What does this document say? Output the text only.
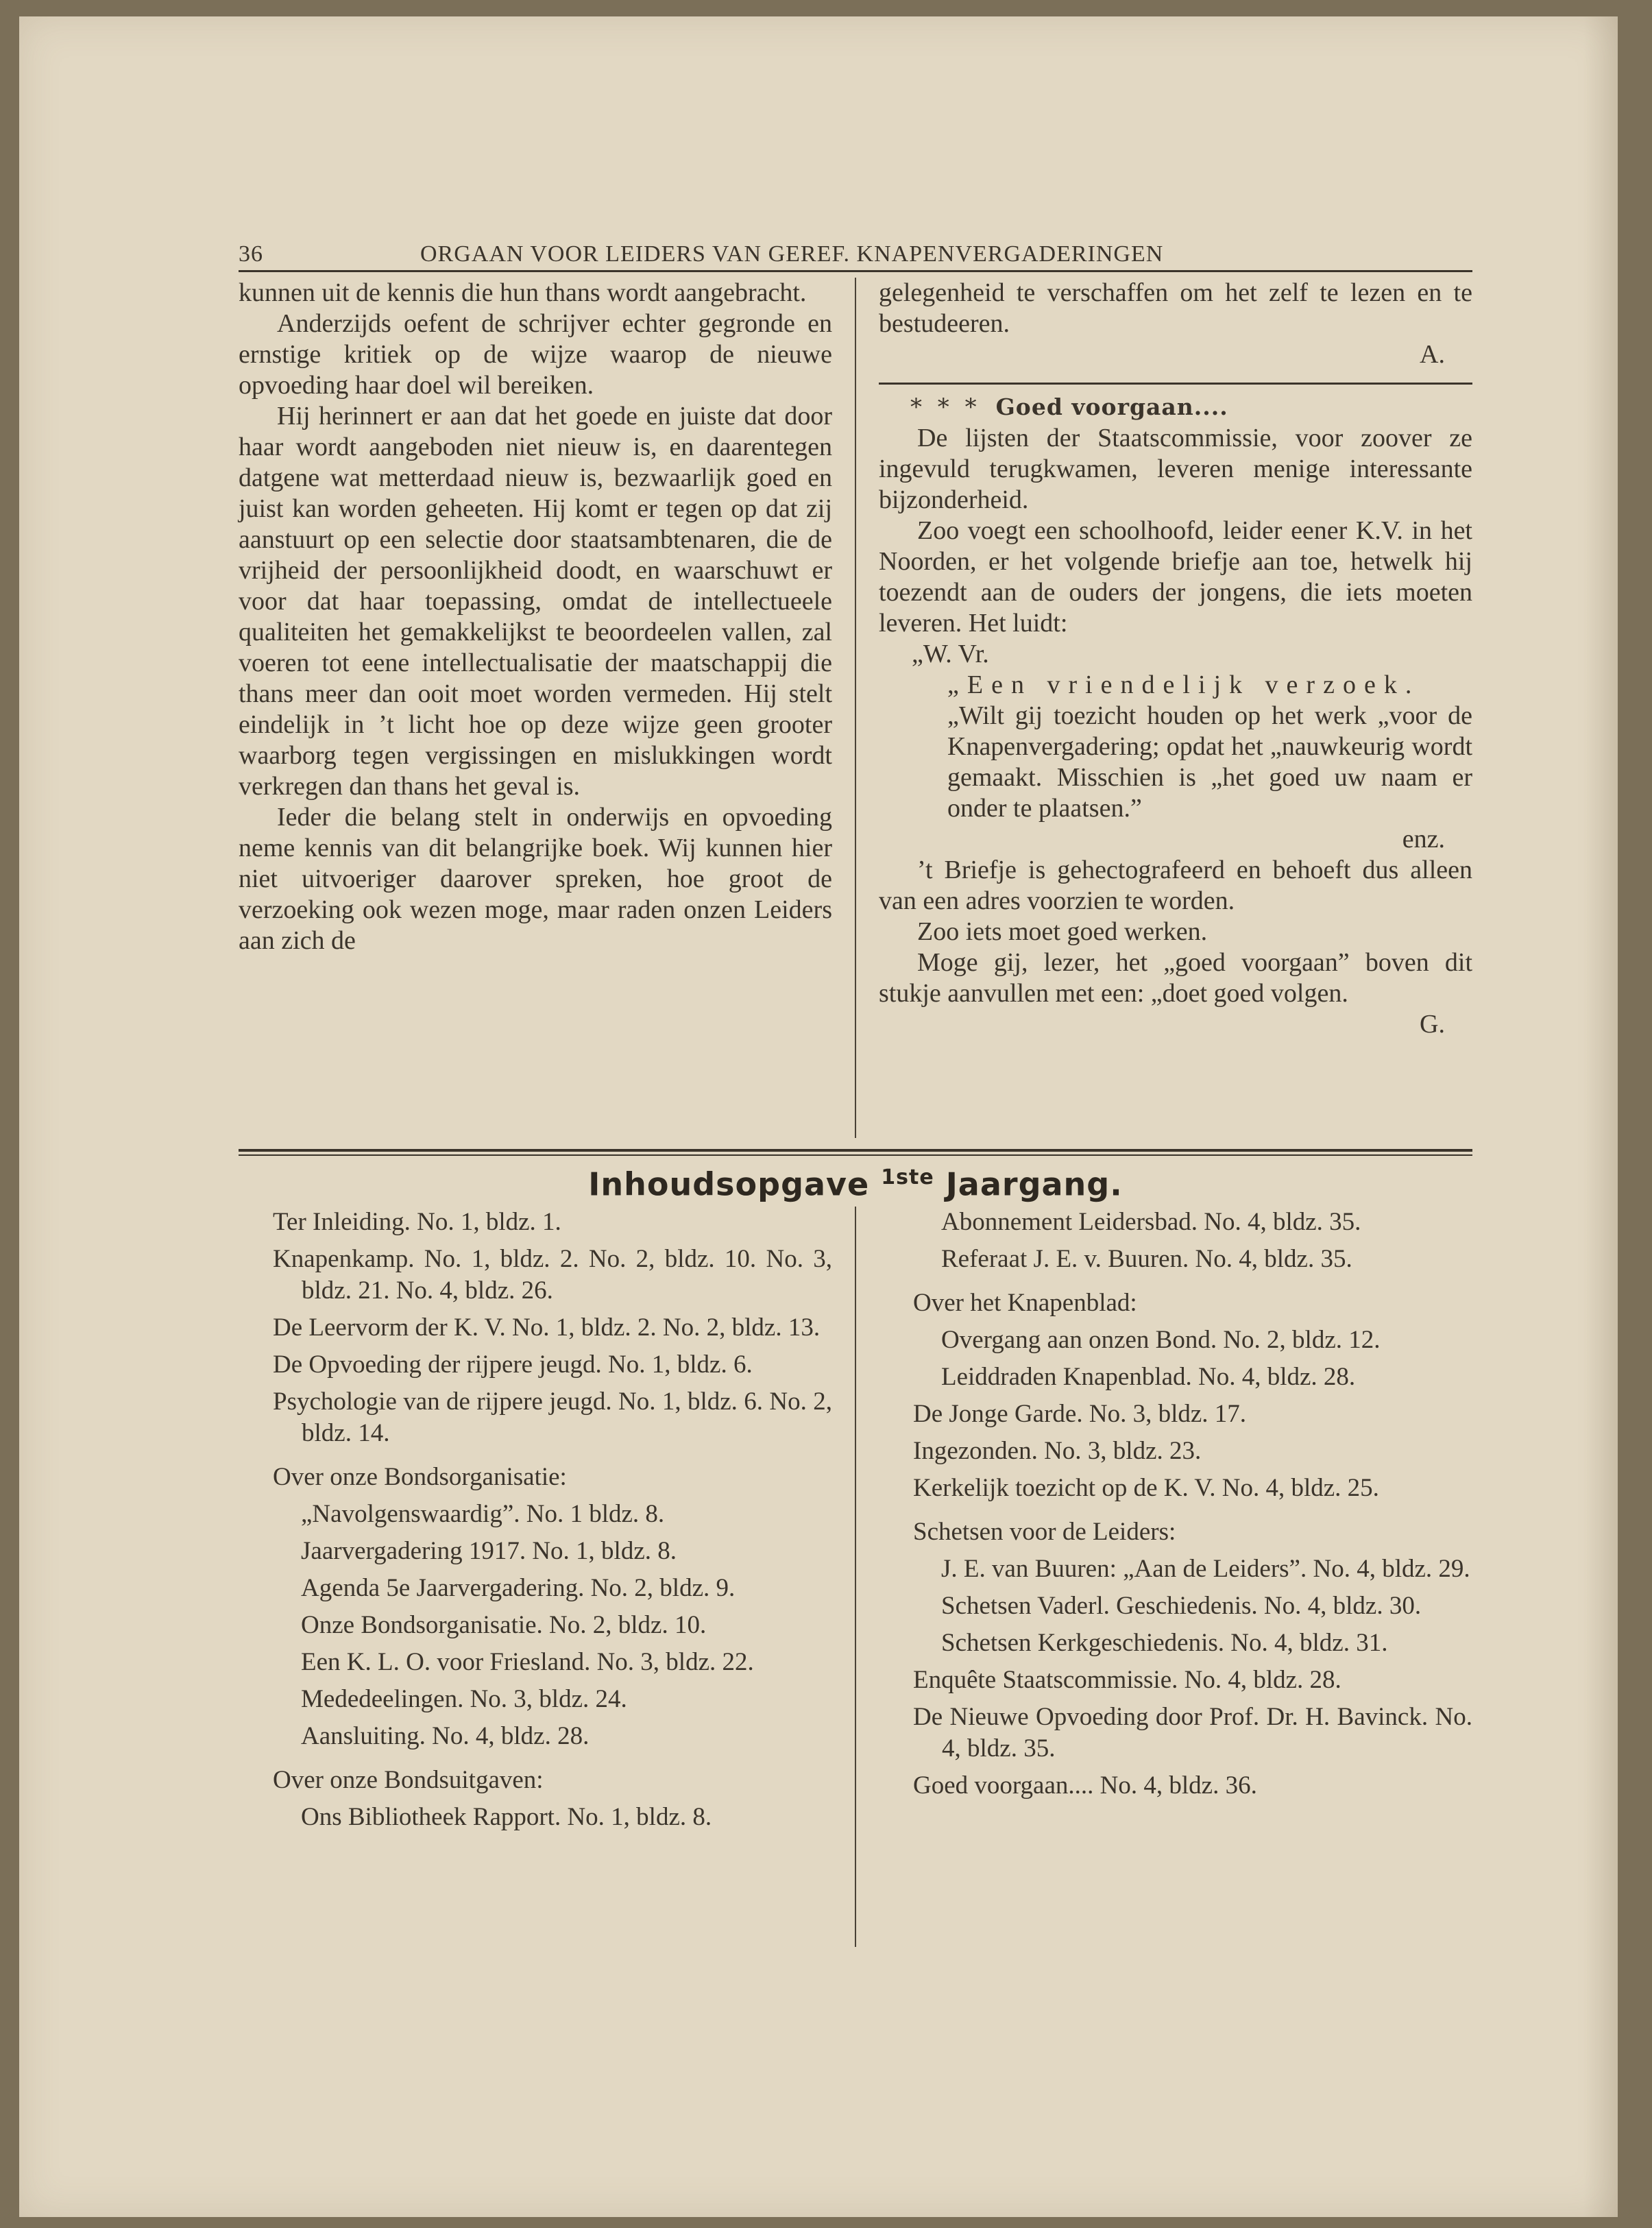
36	ORGAAN VOOR LEIDERS VAN GEREF. KNAPENVERGADERINGEN

kunnen uit de kennis die hun thans wordt aangebracht.

Anderzijds oefent de schrijver echter gegronde en ernstige kritiek op de wijze waarop de nieuwe opvoeding haar doel wil bereiken.

Hij herinnert er aan dat het goede en juiste dat door haar wordt aangeboden niet nieuw is, en daarentegen datgene wat metterdaad nieuw is, bezwaarlijk goed en juist kan worden geheeten. Hij komt er tegen op dat zij aanstuurt op een selectie door staatsambtenaren, die de vrijheid der persoonlijkheid doodt, en waarschuwt er voor dat haar toepassing, omdat de intellectueele qualiteiten het gemakkelijkst te beoordeelen vallen, zal voeren tot eene intellectualisatie der maatschappij die thans meer dan ooit moet worden vermeden. Hij stelt eindelijk in ’t licht hoe op deze wijze geen grooter waarborg tegen vergissingen en mislukkingen wordt verkregen dan thans het geval is.

Ieder die belang stelt in onderwijs en opvoeding neme kennis van dit belangrijke boek. Wij kunnen hier niet uitvoeriger daarover spreken, hoe groot de verzoeking ook wezen moge, maar raden onzen Leiders aan zich de

gelegenheid te verschaffen om het zelf te lezen en te bestudeeren.

A.
* * * Goed voorgaan....

De lijsten der Staatscommissie, voor zoover ze ingevuld terugkwamen, leveren menige interessante bijzonderheid.

Zoo voegt een schoolhoofd, leider eener K.V. in het Noorden, er het volgende briefje aan toe, hetwelk hij toezendt aan de ouders der jongens, die iets moeten leveren. Het luidt:

„W. Vr.
„Een vriendelijk verzoek.
„Wilt gij toezicht houden op het werk „voor de Knapenvergadering; opdat het „nauwkeurig wordt gemaakt. Misschien is „het goed uw naam er onder te plaatsen.”
enz.

’t Briefje is gehectografeerd en behoeft dus alleen van een adres voorzien te worden.

Zoo iets moet goed werken.

Moge gij, lezer, het „goed voorgaan” boven dit stukje aanvullen met een: „doet goed volgen.

G.
Inhoudsopgave $^{1ste}$ Jaargang.
Ter Inleiding. No. 1, bldz. 1.
Knapenkamp. No. 1, bldz. 2. No. 2, bldz. 10. No. 3, bldz. 21. No. 4, bldz. 26.
De Leervorm der K. V. No. 1, bldz. 2. No. 2, bldz. 13.
De Opvoeding der rijpere jeugd. No. 1, bldz. 6.
Psychologie van de rijpere jeugd. No. 1, bldz. 6. No. 2, bldz. 14.
Over onze Bondsorganisatie:
„Navolgenswaardig”. No. 1 bldz. 8.
Jaarvergadering 1917. No. 1, bldz. 8.
Agenda 5e Jaarvergadering. No. 2, bldz. 9.
Onze Bondsorganisatie. No. 2, bldz. 10.
Een K. L. O. voor Friesland. No. 3, bldz. 22.
Mededeelingen. No. 3, bldz. 24.
Aansluiting. No. 4, bldz. 28.
Over onze Bondsuitgaven:
Ons Bibliotheek Rapport. No. 1, bldz. 8.
Abonnement Leidersbad. No. 4, bldz. 35.
Referaat J. E. v. Buuren. No. 4, bldz. 35.
Over het Knapenblad:
Overgang aan onzen Bond. No. 2, bldz. 12.
Leiddraden Knapenblad. No. 4, bldz. 28.
De Jonge Garde. No. 3, bldz. 17.
Ingezonden. No. 3, bldz. 23.
Kerkelijk toezicht op de K. V. No. 4, bldz. 25.
Schetsen voor de Leiders:
J. E. van Buuren: „Aan de Leiders”. No. 4, bldz. 29.
Schetsen Vaderl. Geschiedenis. No. 4, bldz. 30.
Schetsen Kerkgeschiedenis. No. 4, bldz. 31.
Enquête Staatscommissie. No. 4, bldz. 28.
De Nieuwe Opvoeding door Prof. Dr. H. Bavinck. No. 4, bldz. 35.
Goed voorgaan.... No. 4, bldz. 36.
